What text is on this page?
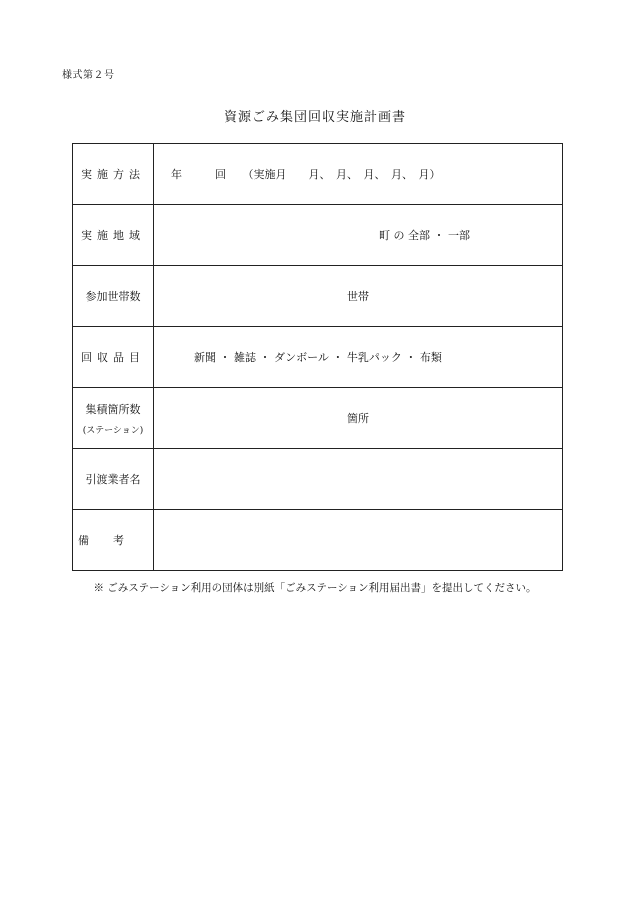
様式第２号
資源ごみ集団回収実施計画書
実施方法	年　　　回　　（実施月　　月、　月、　月、　月、　月）
実施地域	町 の 全部 ・ 一部
参加世帯数	世帯
回収品目	新聞 ・ 雑誌 ・ ダンボール ・ 牛乳パック ・ 布類
集積箇所数
(ステーション)	箇所
引渡業者名	
備考	
※ ごみステーション利用の団体は別紙「ごみステーション利用届出書」を提出してください。
